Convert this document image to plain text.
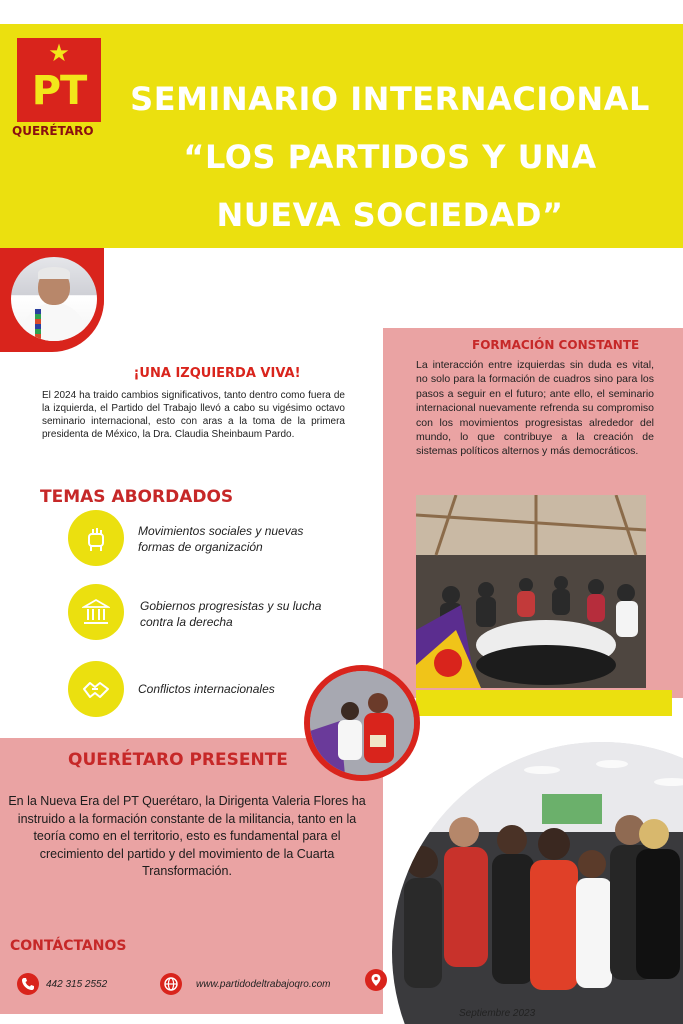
★
PT
QUERÉTARO
SEMINARIO INTERNACIONAL
“LOS PARTIDOS Y UNA
NUEVA SOCIEDAD”
¡UNA IZQUIERDA VIVA!
El 2024 ha traido cambios significativos, tanto dentro como fuera de la izquierda, el Partido del Trabajo llevó a cabo su vigésimo octavo seminario internacional, esto con aras a la toma de la primera presidenta de México, la Dra. Claudia Sheinbaum Pardo.
TEMAS ABORDADOS
Movimientos sociales y nuevas formas de organización
Gobiernos progresistas y su lucha contra la derecha
Conflictos internacionales
FORMACIÓN CONSTANTE
La interacción entre izquierdas sin duda es vital, no solo para la formación de cuadros sino para los pasos a seguir en el futuro; ante ello, el seminario internacional nuevamente refrenda su compromiso con los movimientos progresistas alrededor del mundo, lo que contribuye a la creación de sistemas políticos alternos y más democráticos.
QUERÉTARO PRESENTE
En la Nueva Era del PT Querétaro, la Dirigenta Valeria Flores ha instruido a la formación constante de la militancia, tanto en la teoría como en el territorio, esto es fundamental para el crecimiento del partido y del movimiento de la Cuarta Transformación.
CONTÁCTANOS
442 315 2552	www.partidodeltrabajoqro.com
Septiembre 2023
